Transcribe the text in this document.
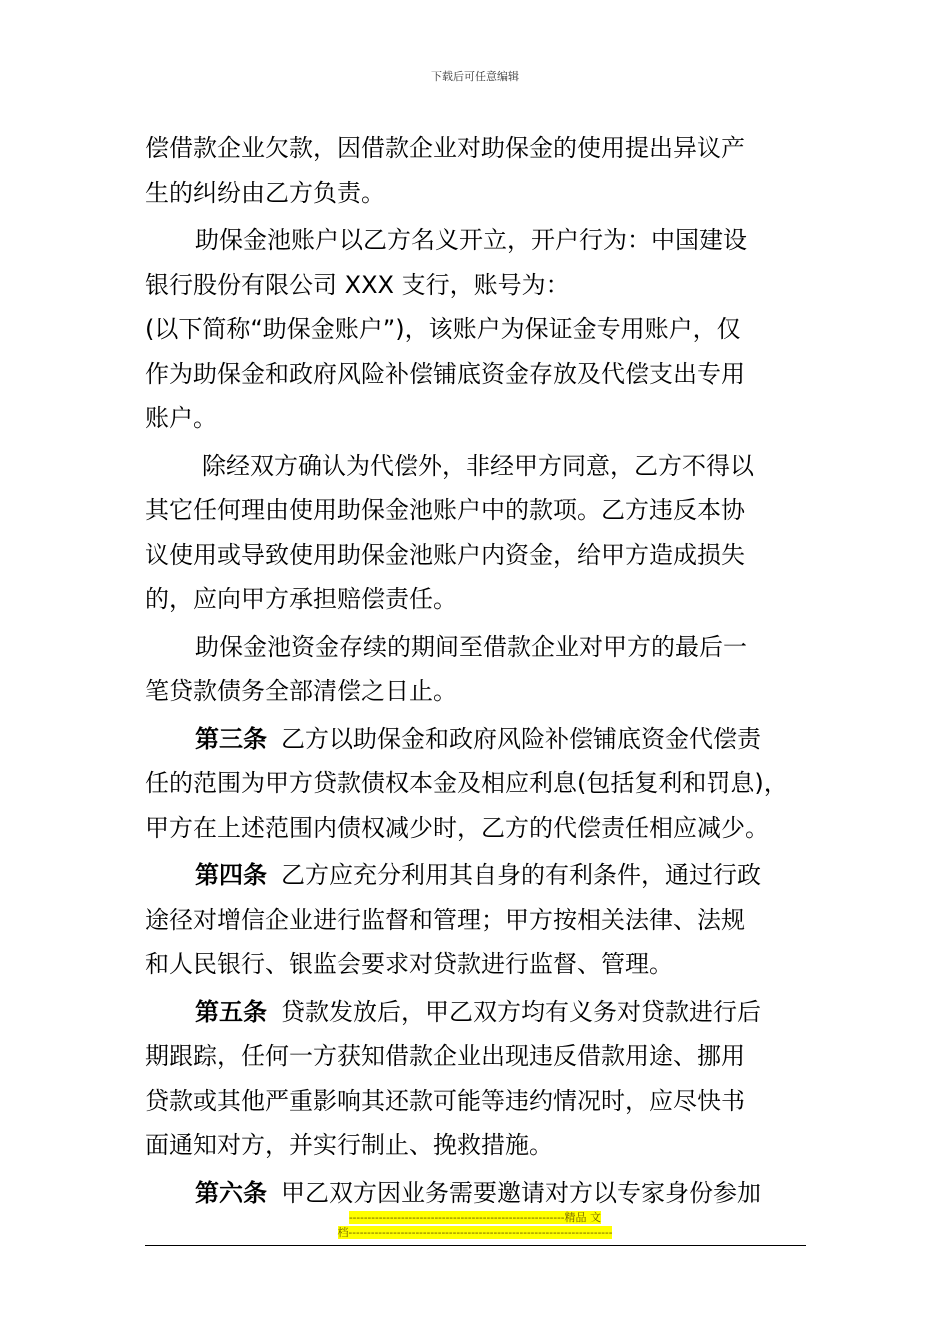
下载后可任意编辑
偿借款企业欠款，因借款企业对助保金的使用提出异议产
生的纠纷由乙方负责。
助保金池账户以乙方名义开立，开户行为：中国建设
银行股份有限公司 XXX 支行，账号为：
(以下简称“助保金账户”)，该账户为保证金专用账户，仅
作为助保金和政府风险补偿铺底资金存放及代偿支出专用
账户。
除经双方确认为代偿外，非经甲方同意，乙方不得以
其它任何理由使用助保金池账户中的款项。乙方违反本协
议使用或导致使用助保金池账户内资金，给甲方造成损失
的，应向甲方承担赔偿责任。
助保金池资金存续的期间至借款企业对甲方的最后一
笔贷款债务全部清偿之日止。
第三条 乙方以助保金和政府风险补偿铺底资金代偿责
任的范围为甲方贷款债权本金及相应利息(包括复利和罚息)，
甲方在上述范围内债权减少时，乙方的代偿责任相应减少。
第四条 乙方应充分利用其自身的有利条件，通过行政
途径对增信企业进行监督和管理；甲方按相关法律、法规
和人民银行、银监会要求对贷款进行监督、管理。
第五条 贷款发放后，甲乙双方均有义务对贷款进行后
期跟踪，任何一方获知借款企业出现违反借款用途、挪用
贷款或其他严重影响其还款可能等违约情况时，应尽快书
面通知对方，并实行制止、挽救措施。
第六条 甲乙双方因业务需要邀请对方以专家身份参加
----------------------------------------------------------精品 文
档-----------------------------------------------------------------------
